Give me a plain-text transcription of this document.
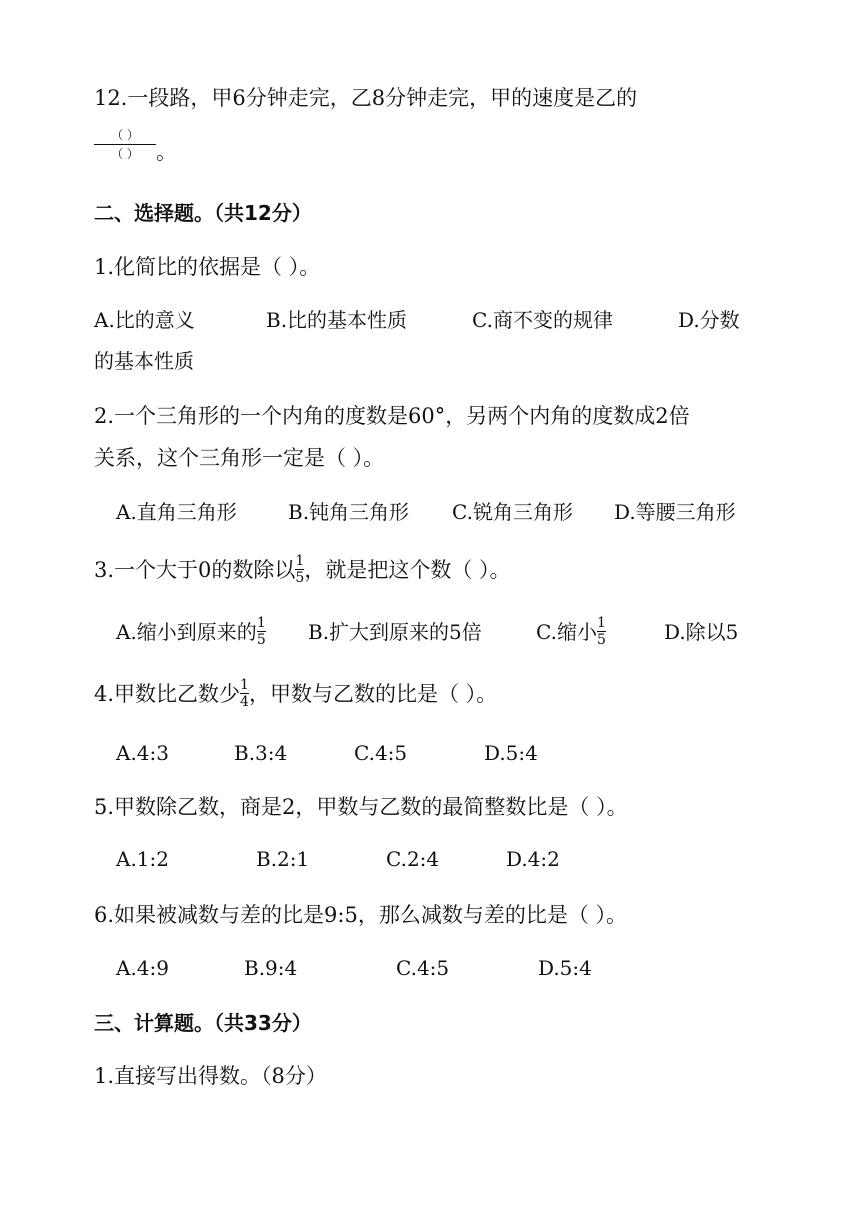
12.一段路，甲6分钟走完，乙8分钟走完，甲的速度是乙的
（ ）
（ ） 。
二、选择题。（共12分）
1.化简比的依据是（ ）。
A.比的意义	B.比的基本性质	C.商不变的规律	D.分数
的基本性质
2.一个三角形的一个内角的度数是60°，另两个内角的度数成2倍
关系，这个三角形一定是（ ）。
A.直角三角形	B.钝角三角形 C.锐角三角形 D.等腰三角形
3.一个大于0的数除以 $\frac{1}{5}$ ，就是把这个数（ ）。
A.缩小到原来的 $\frac{1}{5} B$.扩大到原来的5倍	C.缩小 $\frac{1}{5}$	D.除以5
4.甲数比乙数少 $\frac{1}{4}$ ，甲数与乙数的比是（ ）。
A.4:3	B.3:4	C.4:5	D.5:4
5.甲数除乙数，商是2，甲数与乙数的最简整数比是（ ）。
A.1:2	B.2:1	C.2:4	D.4:2
6.如果被减数与差的比是9:5，那么减数与差的比是（ ）。
A.4:9	B.9:4	C.4:5	D.5:4
三、计算题。（共33分）
1.直接写出得数。（8分）
